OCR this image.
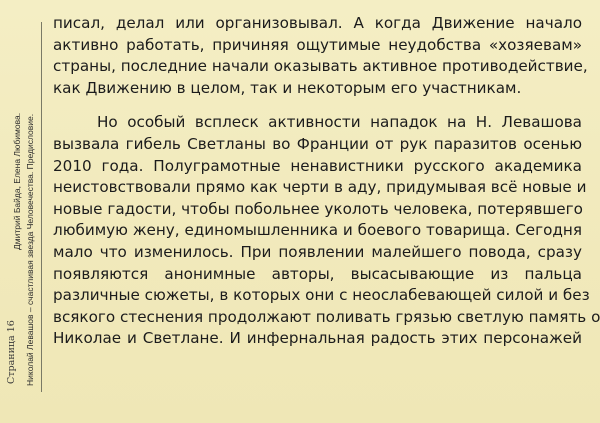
Страница 16
Дмитрий Байда, Елена Любимова. Николай Левашов – счастливая звезда Человечества. Предисловие.
писал, делал или организовывал. А когда Движение начало
активно работать, причиняя ощутимые неудобства «хозяевам»
страны, последние начали оказывать активное противодействие,
как Движению в целом, так и некоторым его участникам.
Но особый всплеск активности нападок на Н. Левашова
вызвала гибель Светланы во Франции от рук паразитов осенью
2010 года. Полуграмотные ненавистники русского академика
неистовствовали прямо как черти в аду, придумывая всё новые и
новые гадости, чтобы побольнее уколоть человека, потерявшего
любимую жену, единомышленника и боевого товарища. Сегодня
мало что изменилось. При появлении малейшего повода, сразу
появляются анонимные авторы, высасывающие из пальца
различные сюжеты, в которых они с неослабевающей силой и без
всякого стеснения продолжают поливать грязью светлую память о
Николае и Светлане. И инфернальная радость этих персонажей
